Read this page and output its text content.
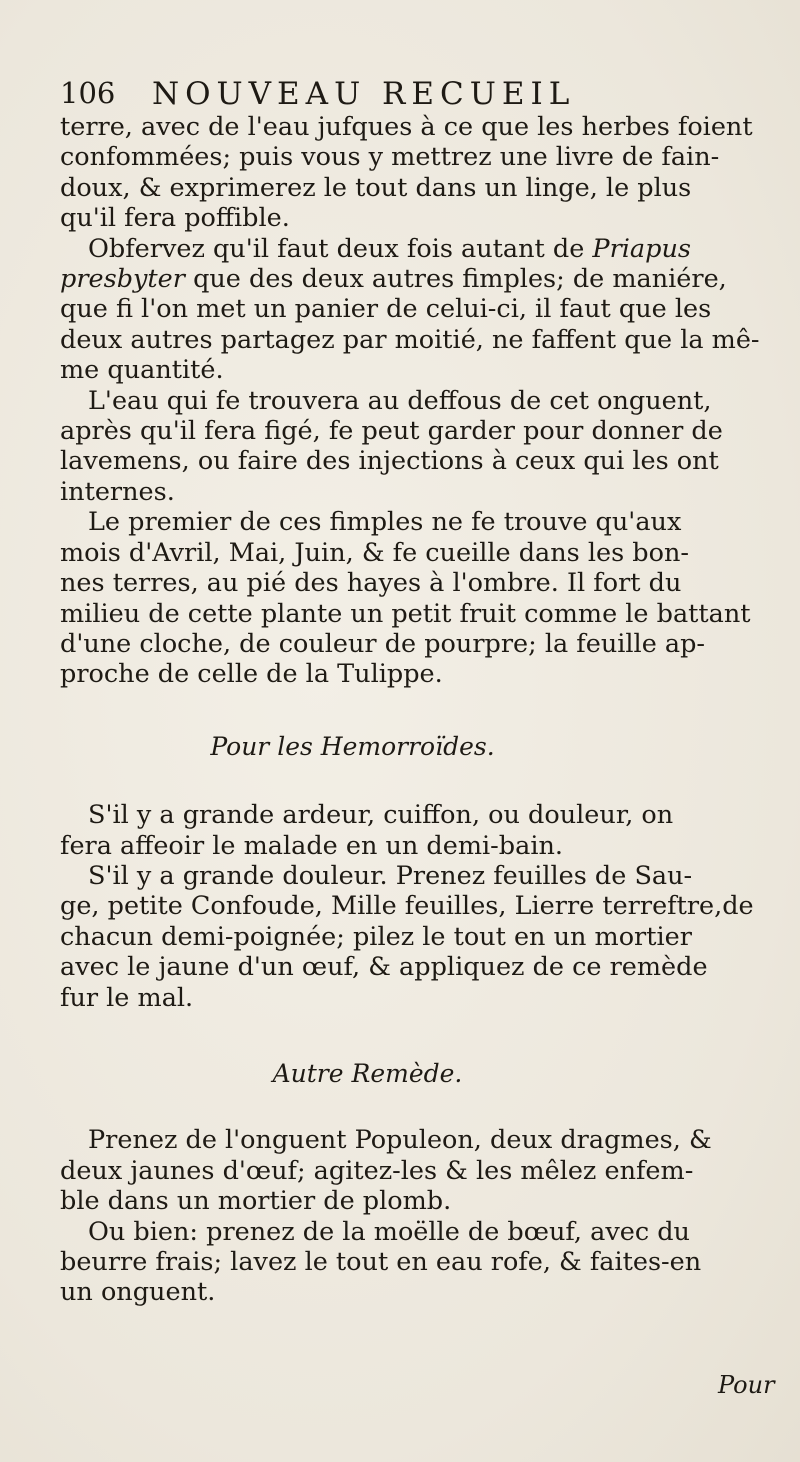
106 NOUVEAU RECUEIL

terre, avec de l'eau jufques à ce que les herbes foient
confommées; puis vous y mettrez une livre de fain-
doux, & exprimerez le tout dans un linge, le plus
qu'il fera poffible.

Obfervez qu'il faut deux fois autant de Priapus
presbyter que des deux autres fimples; de maniére,
que fi l'on met un panier de celui-ci, il faut que les
deux autres partagez par moitié, ne faffent que la mê-
me quantité.

L'eau qui fe trouvera au deffous de cet onguent,
après qu'il fera figé, fe peut garder pour donner de
lavemens, ou faire des injections à ceux qui les ont
internes.

Le premier de ces fimples ne fe trouve qu'aux
mois d'Avril, Mai, Juin, & fe cueille dans les bon-
nes terres, au pié des hayes à l'ombre. Il fort du
milieu de cette plante un petit fruit comme le battant
d'une cloche, de couleur de pourpre; la feuille ap-
proche de celle de la Tulippe.

Pour les Hemorroïdes.

S'il y a grande ardeur, cuiffon, ou douleur, on
fera affeoir le malade en un demi-bain.

S'il y a grande douleur. Prenez feuilles de Sau-
ge, petite Confoude, Mille feuilles, Lierre terreftre,de
chacun demi-poignée; pilez le tout en un mortier
avec le jaune d'un œuf, & appliquez de ce remède
fur le mal.

Autre Remède.

Prenez de l'onguent Populeon, deux dragmes, &
deux jaunes d'œuf; agitez-les & les mêlez enfem-
ble dans un mortier de plomb.

Ou bien: prenez de la moëlle de bœuf, avec du
beurre frais; lavez le tout en eau rofe, & faites-en
un onguent.

Pour
